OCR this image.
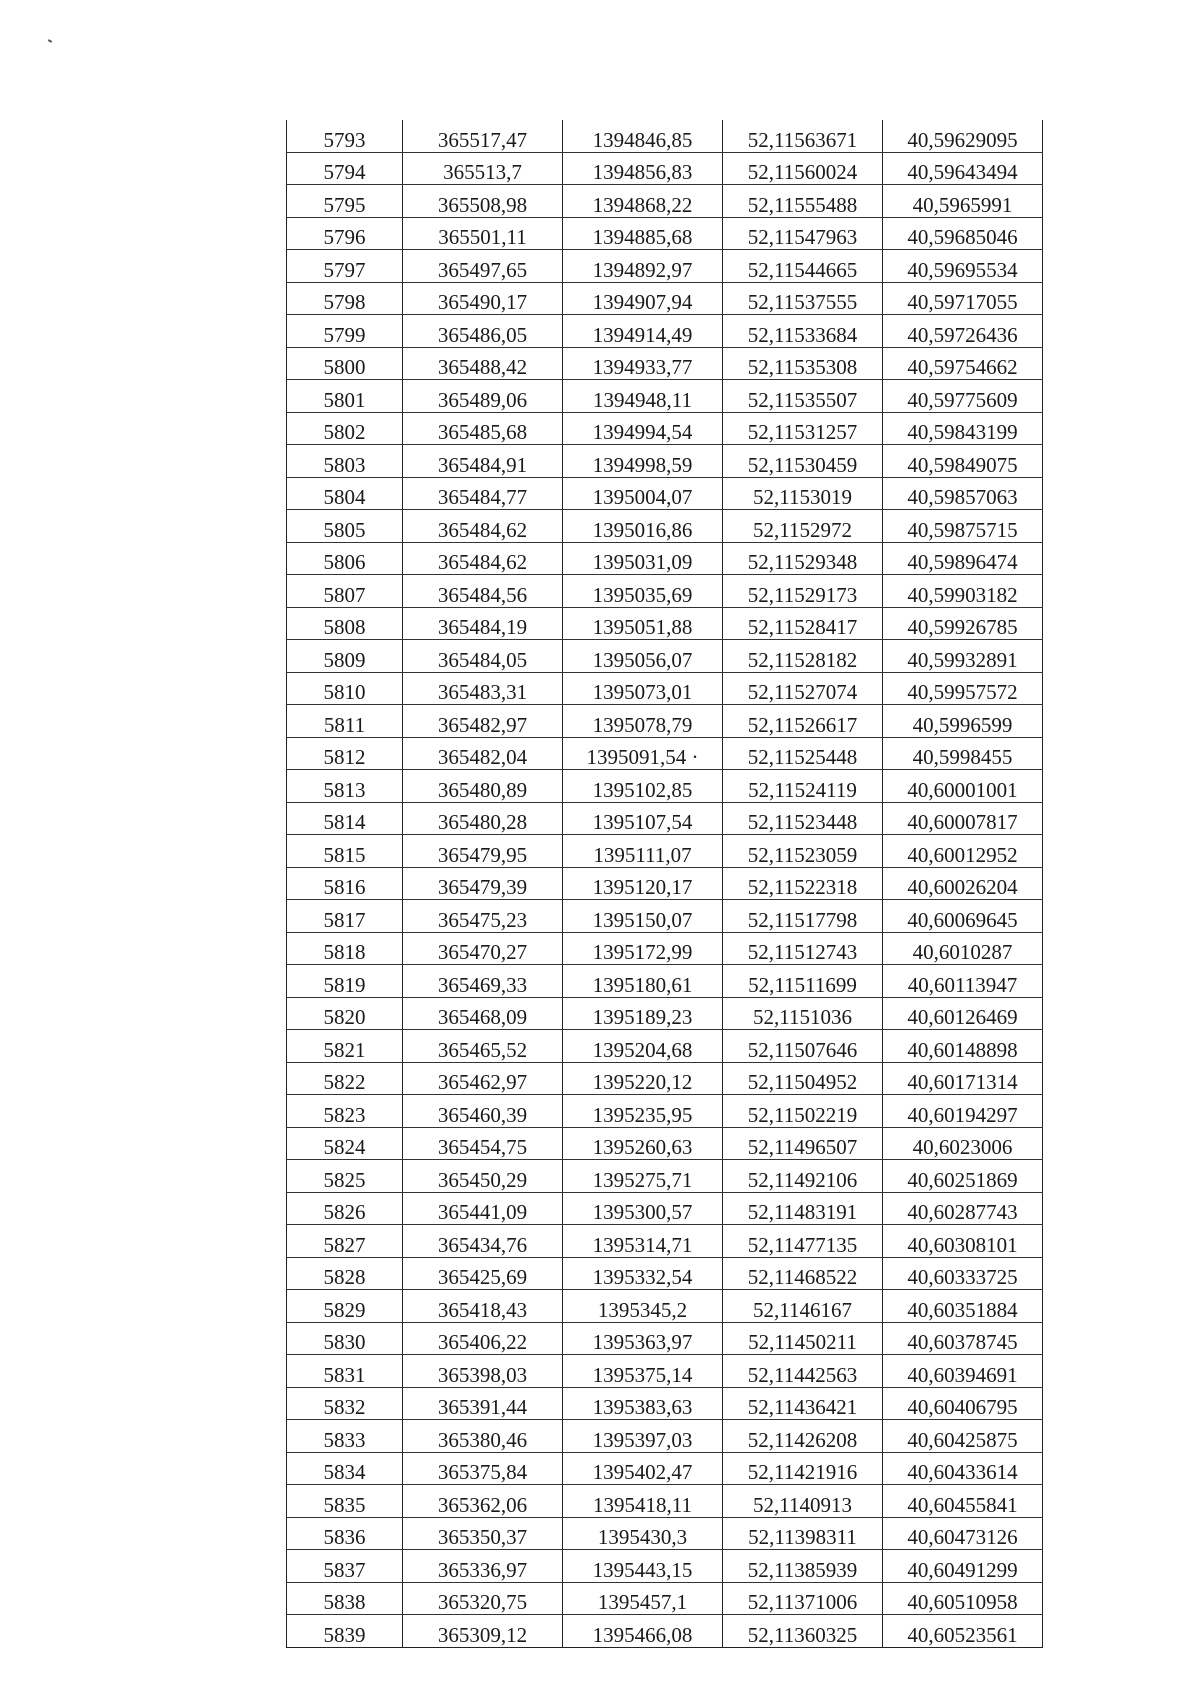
5793	365517,47	1394846,85	52,11563671	40,59629095
5794	365513,7	1394856,83	52,11560024	40,59643494
5795	365508,98	1394868,22	52,11555488	40,5965991
5796	365501,11	1394885,68	52,11547963	40,59685046
5797	365497,65	1394892,97	52,11544665	40,59695534
5798	365490,17	1394907,94	52,11537555	40,59717055
5799	365486,05	1394914,49	52,11533684	40,59726436
5800	365488,42	1394933,77	52,11535308	40,59754662
5801	365489,06	1394948,11	52,11535507	40,59775609
5802	365485,68	1394994,54	52,11531257	40,59843199
5803	365484,91	1394998,59	52,11530459	40,59849075
5804	365484,77	1395004,07	52,1153019	40,59857063
5805	365484,62	1395016,86	52,1152972	40,59875715
5806	365484,62	1395031,09	52,11529348	40,59896474
5807	365484,56	1395035,69	52,11529173	40,59903182
5808	365484,19	1395051,88	52,11528417	40,59926785
5809	365484,05	1395056,07	52,11528182	40,59932891
5810	365483,31	1395073,01	52,11527074	40,59957572
5811	365482,97	1395078,79	52,11526617	40,5996599
5812	365482,04	1395091,54 ·	52,11525448	40,5998455
5813	365480,89	1395102,85	52,11524119	40,60001001
5814	365480,28	1395107,54	52,11523448	40,60007817
5815	365479,95	1395111,07	52,11523059	40,60012952
5816	365479,39	1395120,17	52,11522318	40,60026204
5817	365475,23	1395150,07	52,11517798	40,60069645
5818	365470,27	1395172,99	52,11512743	40,6010287
5819	365469,33	1395180,61	52,11511699	40,60113947
5820	365468,09	1395189,23	52,1151036	40,60126469
5821	365465,52	1395204,68	52,11507646	40,60148898
5822	365462,97	1395220,12	52,11504952	40,60171314
5823	365460,39	1395235,95	52,11502219	40,60194297
5824	365454,75	1395260,63	52,11496507	40,6023006
5825	365450,29	1395275,71	52,11492106	40,60251869
5826	365441,09	1395300,57	52,11483191	40,60287743
5827	365434,76	1395314,71	52,11477135	40,60308101
5828	365425,69	1395332,54	52,11468522	40,60333725
5829	365418,43	1395345,2	52,1146167	40,60351884
5830	365406,22	1395363,97	52,11450211	40,60378745
5831	365398,03	1395375,14	52,11442563	40,60394691
5832	365391,44	1395383,63	52,11436421	40,60406795
5833	365380,46	1395397,03	52,11426208	40,60425875
5834	365375,84	1395402,47	52,11421916	40,60433614
5835	365362,06	1395418,11	52,1140913	40,60455841
5836	365350,37	1395430,3	52,11398311	40,60473126
5837	365336,97	1395443,15	52,11385939	40,60491299
5838	365320,75	1395457,1	52,11371006	40,60510958
5839	365309,12	1395466,08	52,11360325	40,60523561
